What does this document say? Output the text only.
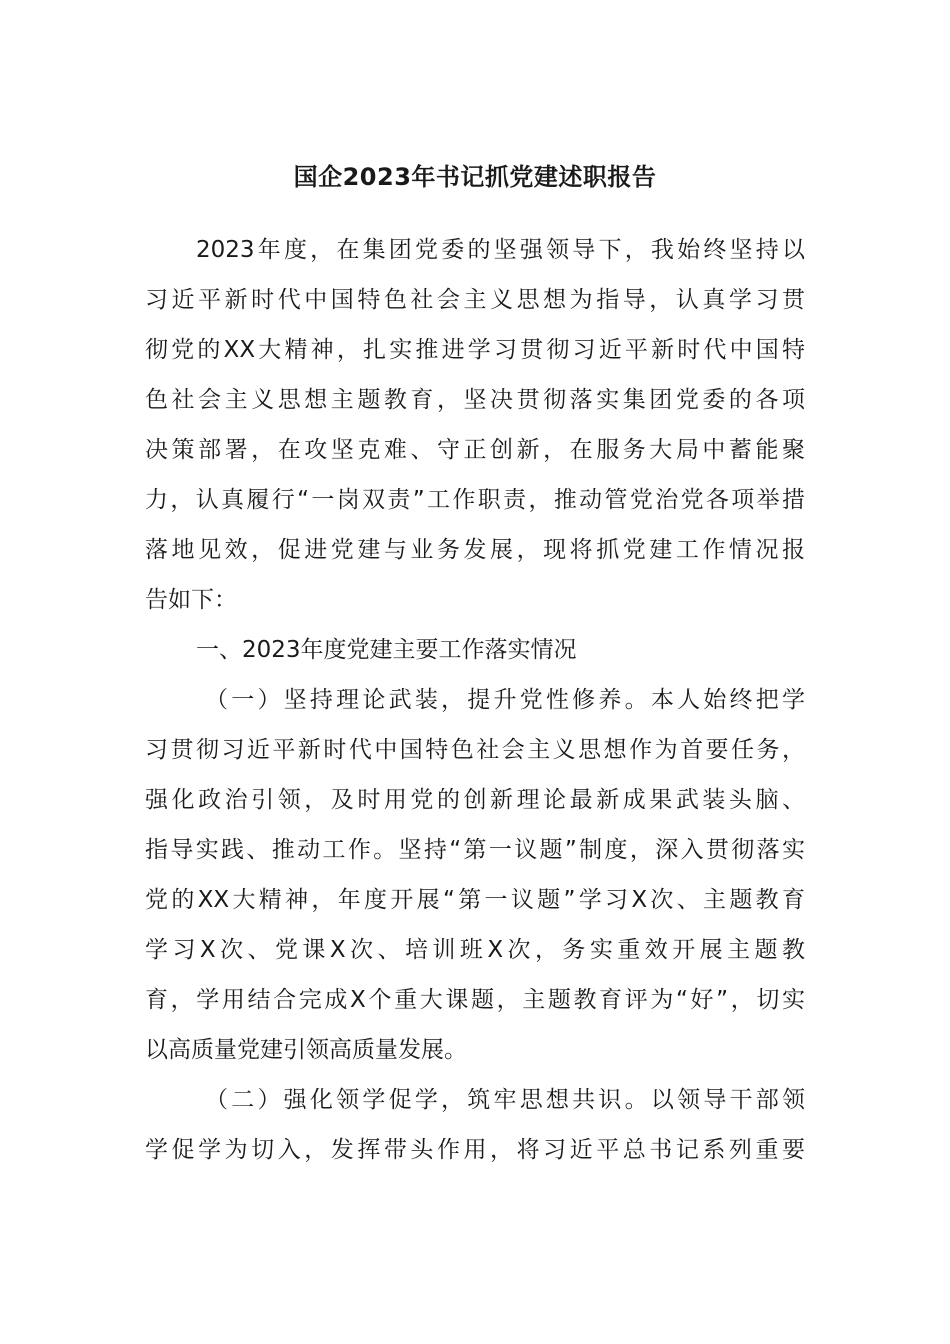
国企2023年书记抓党建述职报告
2023年度，在集团党委的坚强领导下，我始终坚持以
习近平新时代中国特色社会主义思想为指导，认真学习贯
彻党的XX大精神，扎实推进学习贯彻习近平新时代中国特
色社会主义思想主题教育，坚决贯彻落实集团党委的各项
决策部署，在攻坚克难、守正创新，在服务大局中蓄能聚
力，认真履行“一岗双责”工作职责，推动管党治党各项举措
落地见效，促进党建与业务发展，现将抓党建工作情况报
告如下：
一、2023年度党建主要工作落实情况
（一）坚持理论武装，提升党性修养。本人始终把学
习贯彻习近平新时代中国特色社会主义思想作为首要任务，
强化政治引领，及时用党的创新理论最新成果武装头脑、
指导实践、推动工作。坚持“第一议题”制度，深入贯彻落实
党的XX大精神，年度开展“第一议题”学习X次、主题教育
学习X次、党课X次、培训班X次，务实重效开展主题教
育，学用结合完成X个重大课题，主题教育评为“好”，切实
以高质量党建引领高质量发展。
（二）强化领学促学，筑牢思想共识。以领导干部领
学促学为切入，发挥带头作用，将习近平总书记系列重要
